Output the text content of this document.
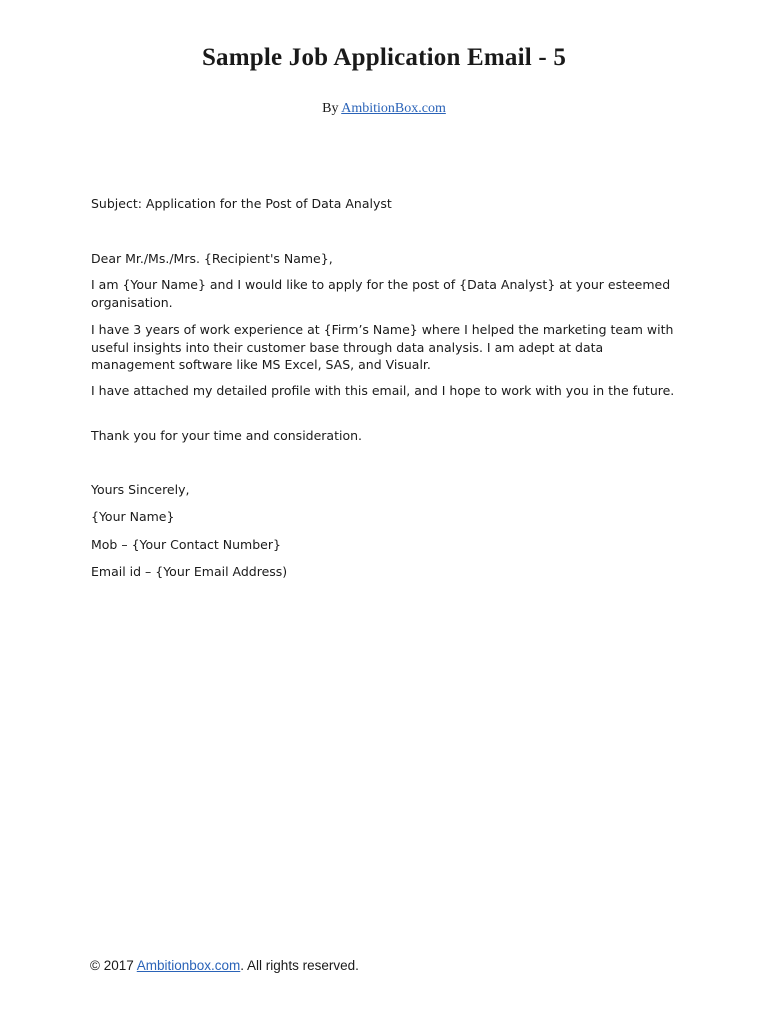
Sample Job Application Email - 5
By AmbitionBox.com

Subject: Application for the Post of Data Analyst

Dear Mr./Ms./Mrs. {Recipient's Name},

I am {Your Name} and I would like to apply for the post of {Data Analyst} at your esteemed organisation.

I have 3 years of work experience at {Firm’s Name} where I helped the marketing team with useful insights into their customer base through data analysis. I am adept at data management software like MS Excel, SAS, and Visualr.

I have attached my detailed profile with this email, and I hope to work with you in the future.

Thank you for your time and consideration.

Yours Sincerely,

{Your Name}

Mob – {Your Contact Number}

Email id – {Your Email Address)

© 2017 Ambitionbox.com. All rights reserved.
